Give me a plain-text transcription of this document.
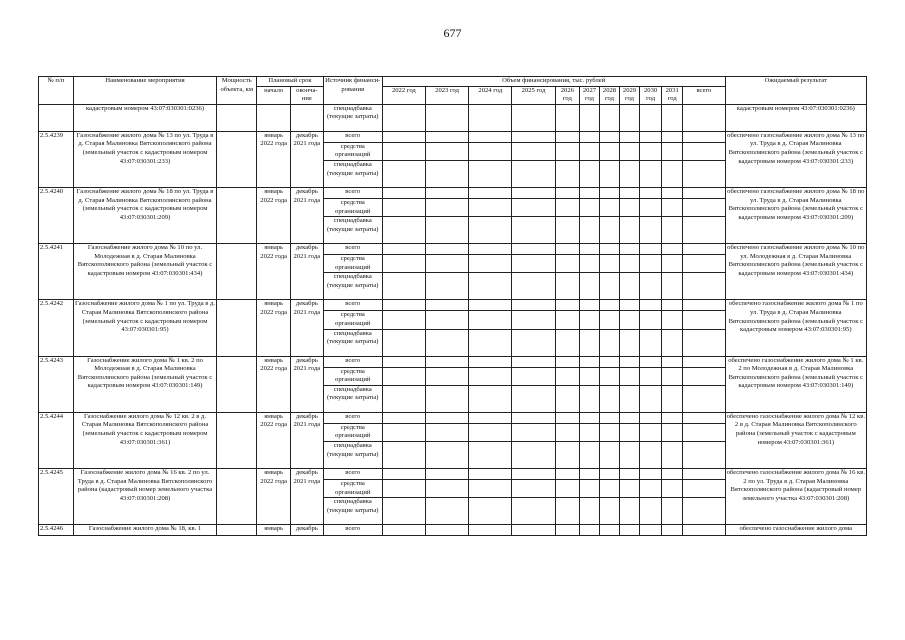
677
№ п/п	Наименование мероприятия	Мощность объекта, км	Плановый срок		Источник финанси-рования	Объем финансирования, тыс. рублей											Ожидаемый результат
			начало	оконча-ние		2022 год	2023 год	2024 год	2025 год	2026 год	2027 год	2028 год	2029 год	2030 год	2031 год	всего	
	кадастровым номером 43:07:030301:0236)				спецнадбавка (текущие затраты)												кадастровым номером 43:07:030301:0236)
2.5.4239	Газоснабжение жилого дома № 13 по ул. Труда в д. Старая Малиновка Вятскополянского района (земельный участок с кадастровым номером 43:07:030301:233)		январь 2022 года	декабрь 2021 года	всего												обеспечено газоснабжение жилого дома № 13 по ул. Труда в д. Старая Малиновка Вятскополянского района (земельный участок с кадастровым номером 43:07:030301:233)
					средства организаций												
					спецнадбавка (текущие затраты)												
2.5.4240	Газоснабжение жилого дома № 18 по ул. Труда в д. Старая Малиновка Вятскополянского района (земельный участок с кадастровым номером 43:07:030301:209)		январь 2022 года	декабрь 2021 года	всего												обеспечено газоснабжение жилого дома № 18 по ул. Труда в д. Старая Малиновка Вятскополянского района (земельный участок с кадастровым номером 43:07:030301:209)
					средства организаций												
					спецнадбавка (текущие затраты)												
2.5.4241	Газоснабжение жилого дома № 10 по ул. Молодежная в д. Старая Малиновка Вятскополянского района (земельный участок с кадастровым номером 43:07:030301:434)		январь 2022 года	декабрь 2021 года	всего												обеспечено газоснабжение жилого дома № 10 по ул. Молодежная в д. Старая Малиновка Вятскополянского района (земельный участок с кадастровым номером 43:07:030301:434)
					средства организаций												
					спецнадбавка (текущие затраты)												
2.5.4242	Газоснабжение жилого дома № 1 по ул. Труда в д. Старая Малиновка Вятскополянского района (земельный участок с кадастровым номером 43:07:030301:95)		январь 2022 года	декабрь 2021 года	всего												обеспечено газоснабжение жилого дома № 1 по ул. Труда в д. Старая Малиновка Вятскополянского района (земельный участок с кадастровым номером 43:07:030301:95)
					средства организаций												
					спецнадбавка (текущие затраты)												
2.5.4243	Газоснабжение жилого дома № 1 кв. 2 по Молодежная в д. Старая Малиновка Вятскополянского района (земельный участок с кадастровым номером 43:07:030301:149)		январь 2022 года	декабрь 2021 года	всего												обеспечено газоснабжение жилого дома № 1 кв. 2 по Молодежная в д. Старая Малиновка Вятскополянского района (земельный участок с кадастровым номером 43:07:030301:149)
					средства организаций												
					спецнадбавка (текущие затраты)												
2.5.4244	Газоснабжение жилого дома № 12 кв. 2 в д. Старая Малиновка Вятскополянского района (земельный участок с кадастровым номером 43:07:030301:361)		январь 2022 года	декабрь 2021 года	всего												обеспечено газоснабжение жилого дома № 12 кв. 2 в д. Старая Малиновка Вятскополянского района (земельный участок с кадастровым номером 43:07:030301:361)
					средства организаций												
					спецнадбавка (текущие затраты)												
2.5.4245	Газоснабжение жилого дома № 16 кв. 2 по ул. Труда в д. Старая Малиновка Вятскополянского района (кадастровый номер земельного участка 43:07:030301:208)		январь 2022 года	декабрь 2021 года	всего												обеспечено газоснабжение жилого дома № 16 кв. 2 по ул. Труда в д. Старая Малиновка Вятскополянского района (кадастровый номер земельного участка 43:07:030301:208)
					средства организаций												
					спецнадбавка (текущие затраты)												
2.5.4246	Газоснабжение жилого дома № 18, кв. 1		январь	декабрь	всего												обеспечено газоснабжение жилого дома
